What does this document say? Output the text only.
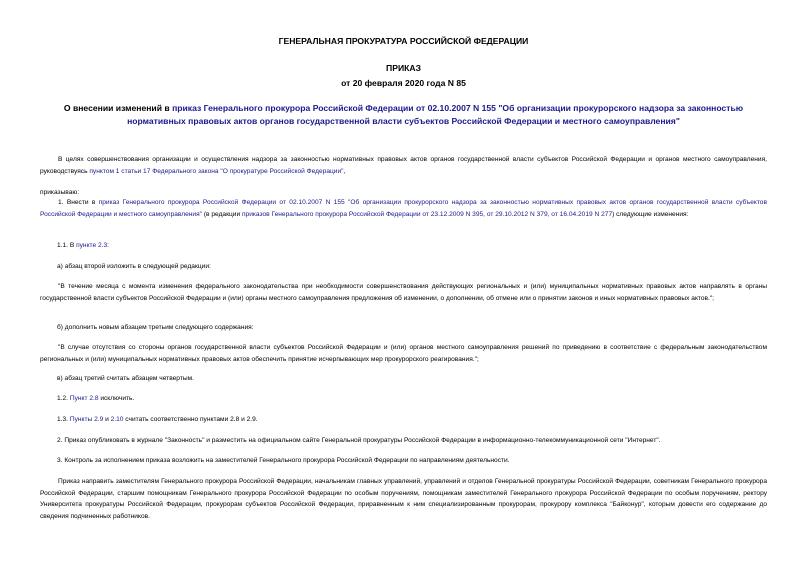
ГЕНЕРАЛЬНАЯ ПРОКУРАТУРА РОССИЙСКОЙ ФЕДЕРАЦИИ
ПРИКАЗ
от 20 февраля 2020 года N 85
О внесении изменений в приказ Генерального прокурора Российской Федерации от 02.10.2007 N 155 "Об организации прокурорского надзора за законностью нормативных правовых актов органов государственной власти субъектов Российской Федерации и местного самоуправления"
В целях совершенствования организации и осуществления надзора за законностью нормативных правовых актов органов государственной власти субъектов Российской Федерации и органов местного самоуправления, руководствуясь пунктом 1 статьи 17 Федерального закона "О прокуратуре Российской Федерации",
приказываю:
1. Внести в приказ Генерального прокурора Российской Федерации от 02.10.2007 N 155 "Об организации прокурорского надзора за законностью нормативных правовых актов органов государственной власти субъектов Российской Федерации и местного самоуправления" (в редакции приказов Генерального прокурора Российской Федерации от 23.12.2009 N 395, от 29.10.2012 N 379, от 16.04.2019 N 277) следующие изменения:
1.1. В пункте 2.3:
а) абзац второй изложить в следующей редакции:
"В течение месяца с момента изменения федерального законодательства при необходимости совершенствования действующих региональных и (или) муниципальных нормативных правовых актов направлять в органы государственной власти субъектов Российской Федерации и (или) органы местного самоуправления предложения об изменении, о дополнении, об отмене или о принятии законов и иных нормативных правовых актов.";
б) дополнить новым абзацем третьим следующего содержания:
"В случае отсутствия со стороны органов государственной власти субъектов Российской Федерации и (или) органов местного самоуправления решений по приведению в соответствие с федеральным законодательством региональных и (или) муниципальных нормативных правовых актов обеспечить принятие исчерпывающих мер прокурорского реагирования.";
в) абзац третий считать абзацем четвертым.
1.2. Пункт 2.8 исключить.
1.3. Пункты 2.9 и 2.10 считать соответственно пунктами 2.8 и 2.9.
2. Приказ опубликовать в журнале "Законность" и разместить на официальном сайте Генеральной прокуратуры Российской Федерации в информационно-телекоммуникационной сети "Интернет".
3. Контроль за исполнением приказа возложить на заместителей Генерального прокурора Российской Федерации по направлениям деятельности.
Приказ направить заместителям Генерального прокурора Российской Федерации, начальникам главных управлений, управлений и отделов Генеральной прокуратуры Российской Федерации, советникам Генерального прокурора Российской Федерации, старшим помощникам Генерального прокурора Российской Федерации по особым поручениям, помощникам заместителей Генерального прокурора Российской Федерации по особым поручениям, ректору Университета прокуратуры Российской Федерации, прокурорам субъектов Российской Федерации, приравненным к ним специализированным прокурорам, прокурору комплекса "Байконур", которым довести его содержание до сведения подчиненных работников.
